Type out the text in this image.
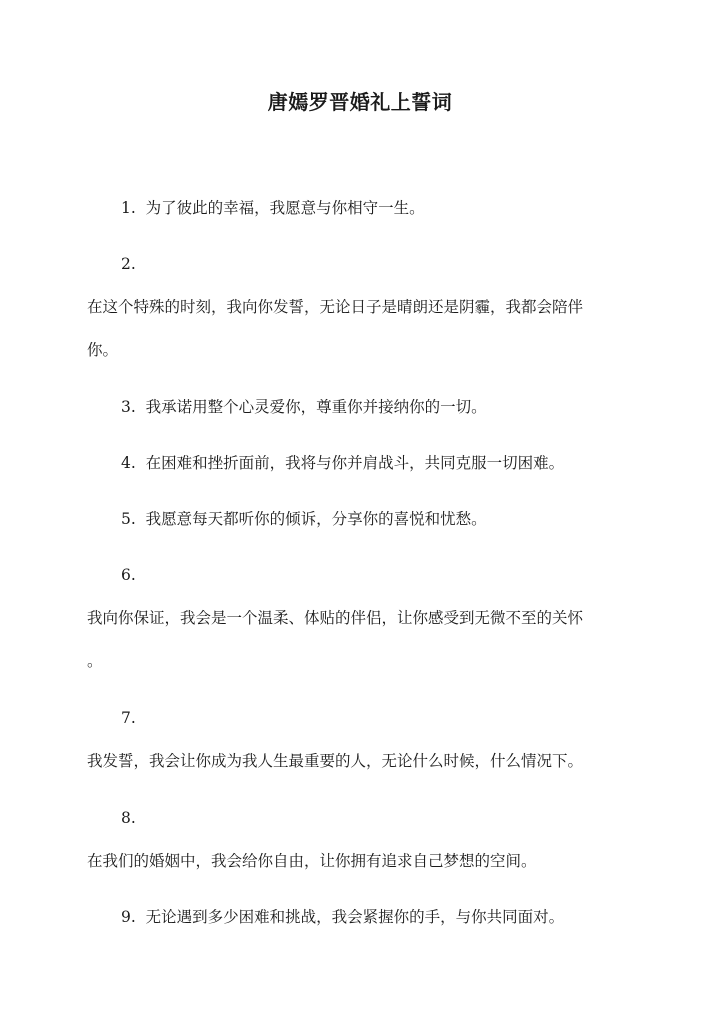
唐嫣罗晋婚礼上誓词
1. 为了彼此的幸福，我愿意与你相守一生。
2.
在这个特殊的时刻，我向你发誓，无论日子是晴朗还是阴霾，我都会陪伴
你。
3. 我承诺用整个心灵爱你，尊重你并接纳你的一切。
4. 在困难和挫折面前，我将与你并肩战斗，共同克服一切困难。
5. 我愿意每天都听你的倾诉，分享你的喜悦和忧愁。
6.
我向你保证，我会是一个温柔、体贴的伴侣，让你感受到无微不至的关怀
。
7.
我发誓，我会让你成为我人生最重要的人，无论什么时候，什么情况下。
8.
在我们的婚姻中，我会给你自由，让你拥有追求自己梦想的空间。
9. 无论遇到多少困难和挑战，我会紧握你的手，与你共同面对。
